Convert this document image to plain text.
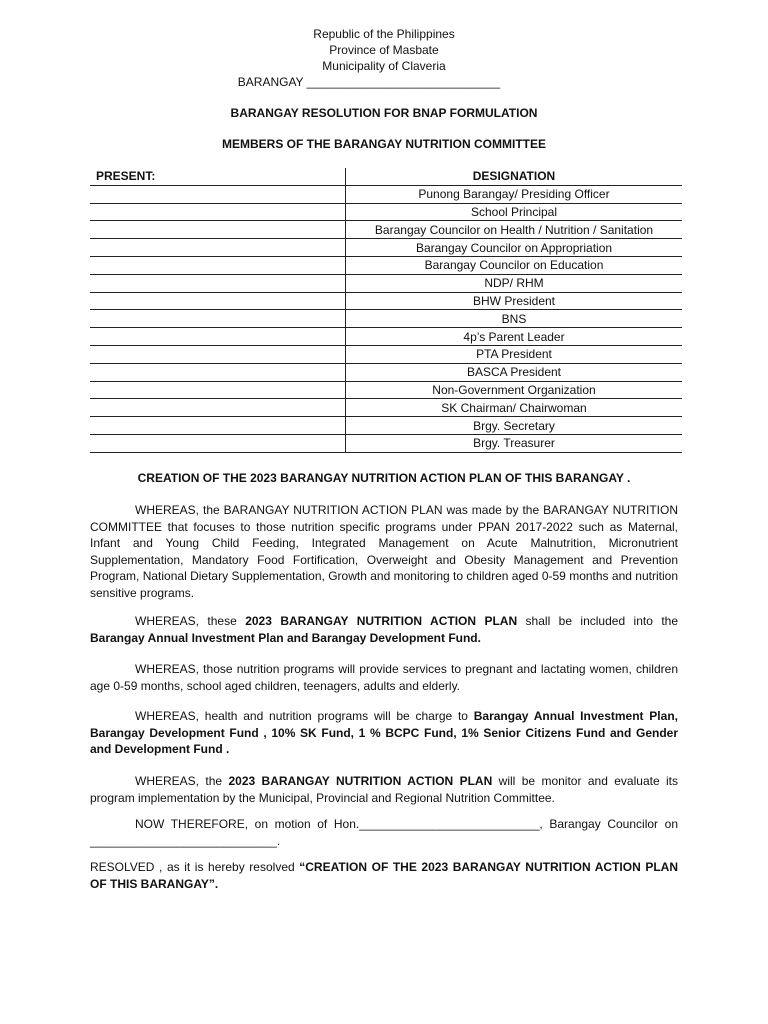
Republic of the Philippines
Province of Masbate
Municipality of Claveria
BARANGAY _____________________________
BARANGAY RESOLUTION FOR BNAP FORMULATION
MEMBERS OF THE BARANGAY NUTRITION COMMITTEE
PRESENT:	DESIGNATION
	Punong Barangay/ Presiding Officer
	School Principal
	Barangay Councilor on Health / Nutrition / Sanitation
	Barangay Councilor on Appropriation
	Barangay Councilor on Education
	NDP/ RHM
	BHW President
	BNS
	4p’s Parent Leader
	PTA President
	BASCA President
	Non-Government Organization
	SK Chairman/ Chairwoman
	Brgy. Secretary
	Brgy. Treasurer
CREATION OF THE 2023 BARANGAY NUTRITION ACTION PLAN OF THIS BARANGAY .

WHEREAS, the BARANGAY NUTRITION ACTION PLAN was made by the BARANGAY NUTRITION COMMITTEE that focuses to those nutrition specific programs under PPAN 2017-2022 such as Maternal, Infant and Young Child Feeding, Integrated Management on Acute Malnutrition, Micronutrient Supplementation, Mandatory Food Fortification, Overweight and Obesity Management and Prevention Program, National Dietary Supplementation, Growth and monitoring to children aged 0-59 months and nutrition sensitive programs.

WHEREAS, these 2023 BARANGAY NUTRITION ACTION PLAN shall be included into the Barangay Annual Investment Plan and Barangay Development Fund.

WHEREAS, those nutrition programs will provide services to pregnant and lactating women, children age 0-59 months, school aged children, teenagers, adults and elderly.

WHEREAS, health and nutrition programs will be charge to Barangay Annual Investment Plan, Barangay Development Fund , 10% SK Fund, 1 % BCPC Fund, 1% Senior Citizens Fund and Gender and Development Fund .

WHEREAS, the 2023 BARANGAY NUTRITION ACTION PLAN will be monitor and evaluate its program implementation by the Municipal, Provincial and Regional Nutrition Committee.

NOW THEREFORE, on motion of Hon.___________________________, Barangay Councilor on ____________________________.

RESOLVED , as it is hereby resolved “CREATION OF THE 2023 BARANGAY NUTRITION ACTION PLAN OF THIS BARANGAY”.
